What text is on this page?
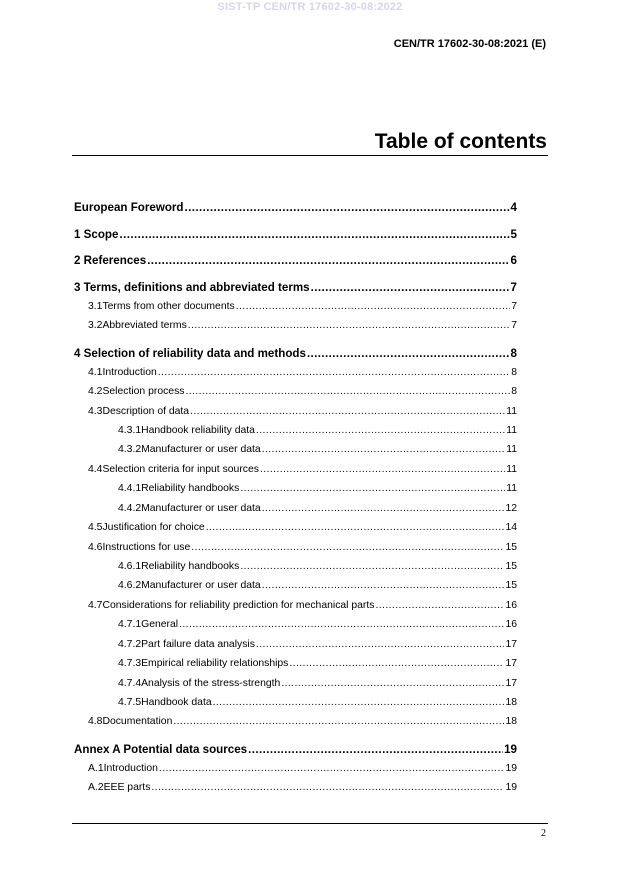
SIST-TP CEN/TR 17602-30-08:2022
CEN/TR 17602-30-08:2021 (E)
Table of contents
European Foreword .....	4
1 Scope .....	5
2 References .....	6
3 Terms, definitions and abbreviated terms .....	7
3.1 Terms from other documents .....	7
3.2 Abbreviated terms .....	7
4 Selection of reliability data and methods .....	8
4.1 Introduction .....	8
4.2 Selection process .....	8
4.3 Description of data .....	11
4.3.1 Handbook reliability data .....	11
4.3.2 Manufacturer or user data .....	11
4.4 Selection criteria for input sources .....	11
4.4.1 Reliability handbooks .....	11
4.4.2 Manufacturer or user data .....	12
4.5 Justification for choice .....	14
4.6 Instructions for use .....	15
4.6.1 Reliability handbooks .....	15
4.6.2 Manufacturer or user data .....	15
4.7 Considerations for reliability prediction for mechanical parts .....	16
4.7.1 General .....	16
4.7.2 Part failure data analysis .....	17
4.7.3 Empirical reliability relationships .....	17
4.7.4 Analysis of the stress-strength .....	17
4.7.5 Handbook data .....	18
4.8 Documentation .....	18
Annex A Potential data sources .....	19
A.1 Introduction .....	19
A.2 EEE parts .....	19
2
